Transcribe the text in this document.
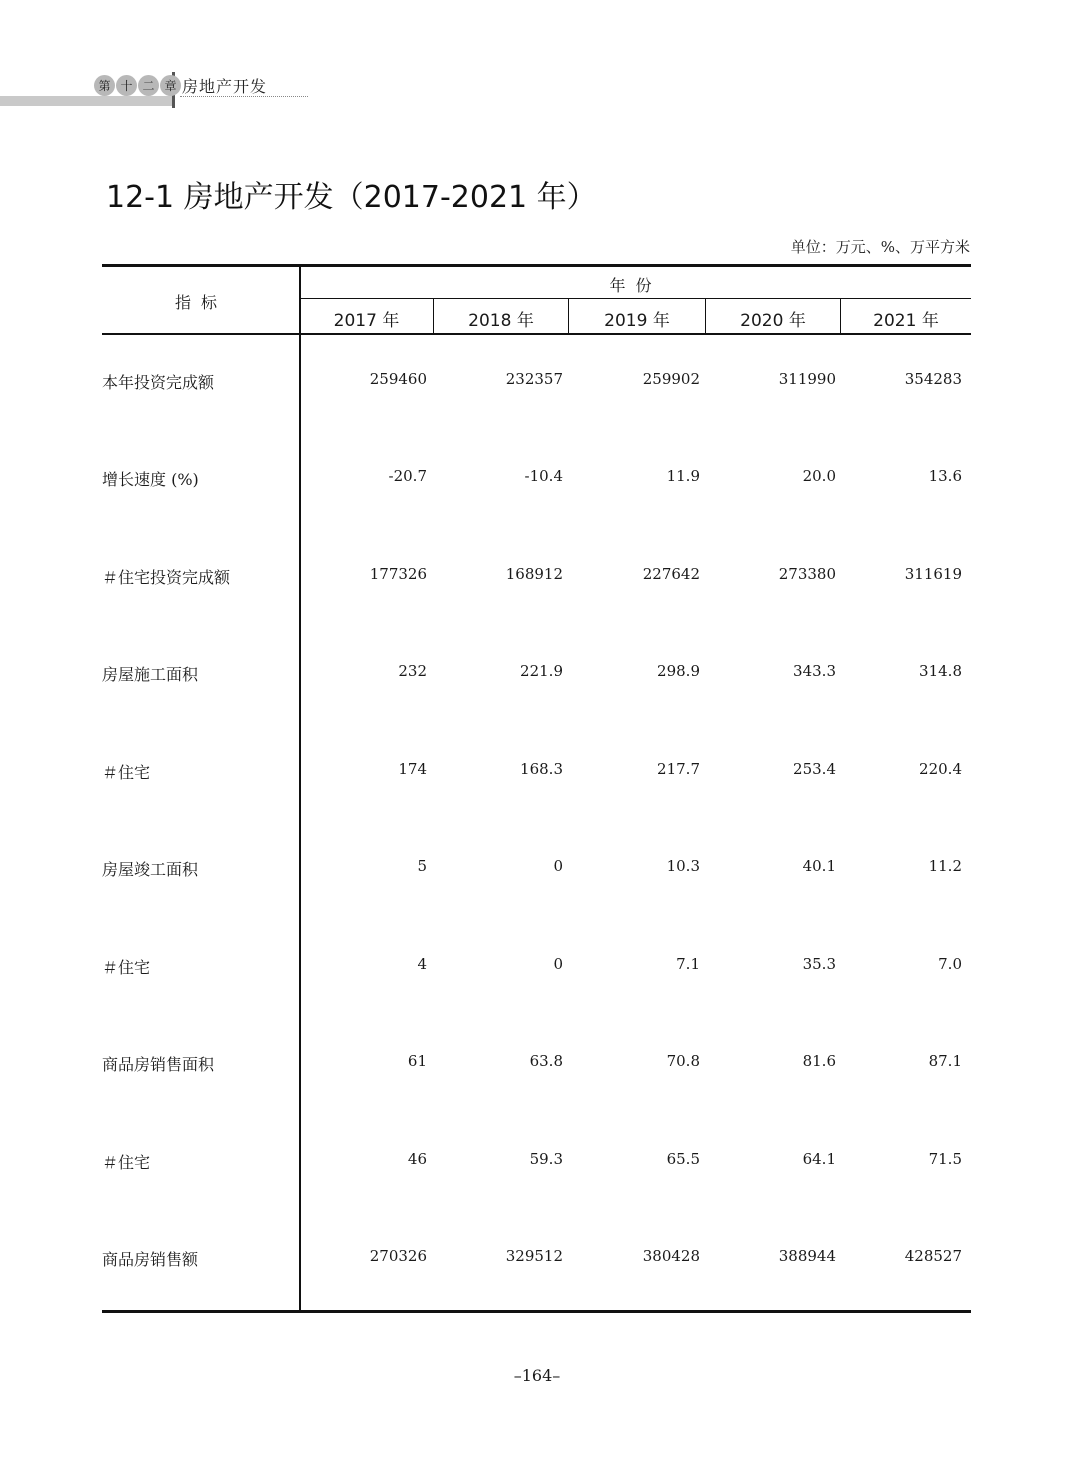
第 十 二 章 房地产开发
12-1 房地产开发（2017-2021 年）
单位：万元、%、万平方米
指标
年份
2017 年	2018 年	2019 年	2020 年	2021 年
本年投资完成额	259460	232357	259902	311990	354283
增长速度 (%)	-20.7	-10.4	11.9	20.0	13.6
＃住宅投资完成额	177326	168912	227642	273380	311619
房屋施工面积	232	221.9	298.9	343.3	314.8
＃住宅	174	168.3	217.7	253.4	220.4
房屋竣工面积	5	0	10.3	40.1	11.2
＃住宅	4	0	7.1	35.3	7.0
商品房销售面积	61	63.8	70.8	81.6	87.1
＃住宅	46	59.3	65.5	64.1	71.5
商品房销售额	270326	329512	380428	388944	428527
–164–
